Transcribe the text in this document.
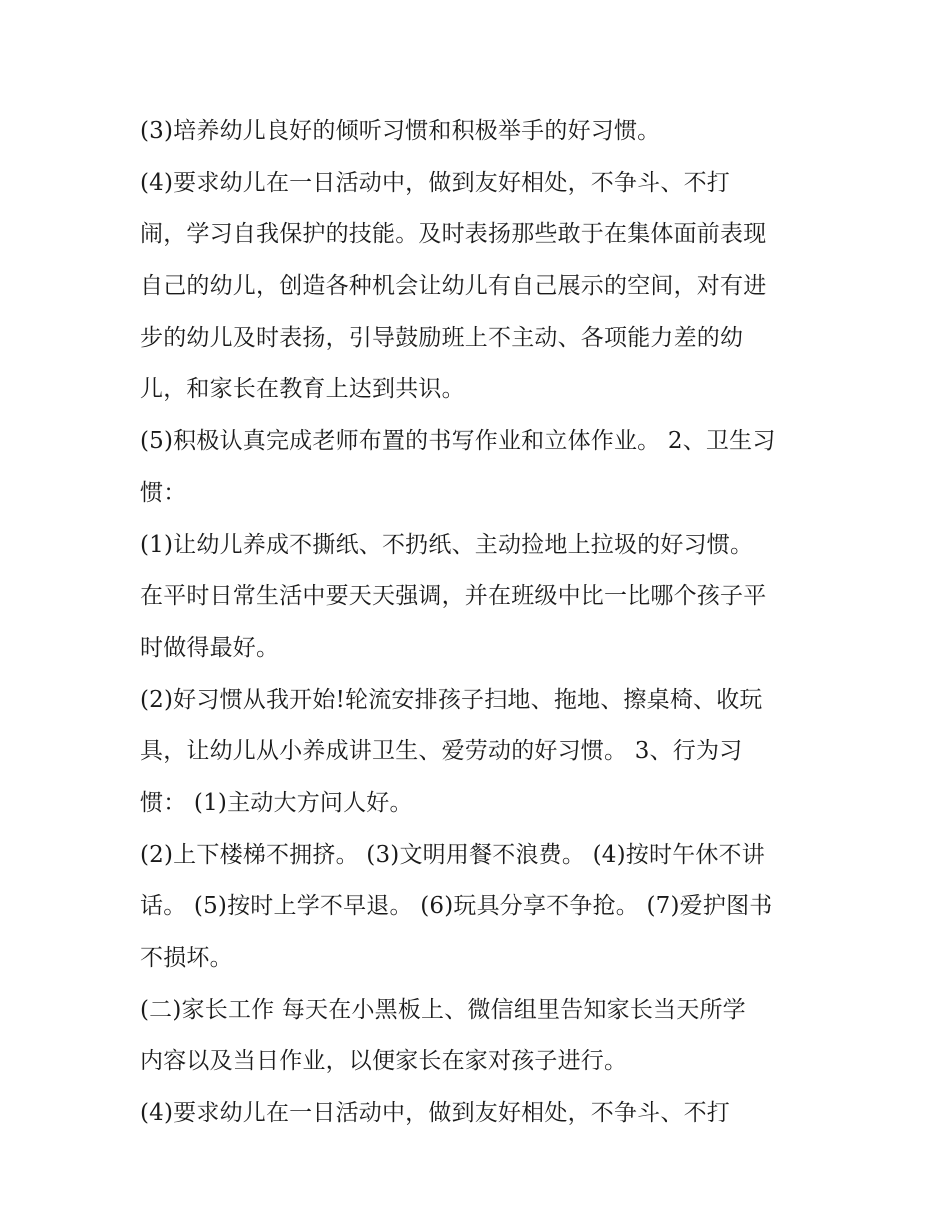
(3)培养幼儿良好的倾听习惯和积极举手的好习惯。
(4)要求幼儿在一日活动中，做到友好相处，不争斗、不打
闹，学习自我保护的技能。及时表扬那些敢于在集体面前表现
自己的幼儿，创造各种机会让幼儿有自己展示的空间，对有进
步的幼儿及时表扬，引导鼓励班上不主动、各项能力差的幼
儿，和家长在教育上达到共识。
(5)积极认真完成老师布置的书写作业和立体作业。 2、卫生习
惯：
(1)让幼儿养成不撕纸、不扔纸、主动捡地上拉圾的好习惯。
在平时日常生活中要天天强调，并在班级中比一比哪个孩子平
时做得最好。
(2)好习惯从我开始!轮流安排孩子扫地、拖地、擦桌椅、收玩
具，让幼儿从小养成讲卫生、爱劳动的好习惯。 3、行为习
惯： (1)主动大方问人好。
(2)上下楼梯不拥挤。 (3)文明用餐不浪费。 (4)按时午休不讲
话。 (5)按时上学不早退。 (6)玩具分享不争抢。 (7)爱护图书
不损坏。
(二)家长工作 每天在小黑板上、微信组里告知家长当天所学
内容以及当日作业，以便家长在家对孩子进行。
(4)要求幼儿在一日活动中，做到友好相处，不争斗、不打
